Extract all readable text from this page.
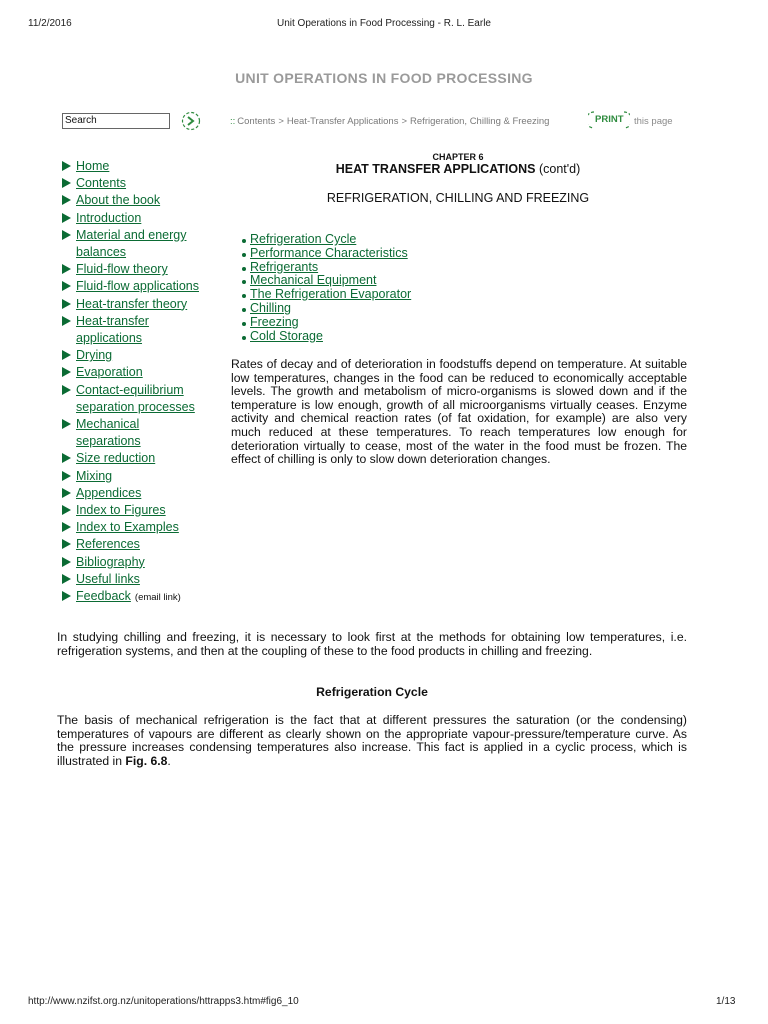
11/2/2016	Unit Operations in Food Processing - R. L. Earle
UNIT OPERATIONS IN FOOD PROCESSING
Search
:: Contents > Heat-Transfer Applications > Refrigeration, Chilling & Freezing	PRINT this page
Home
Contents
About the book
Introduction
Material and energy balances
Fluid-flow theory
Fluid-flow applications
Heat-transfer theory
Heat-transfer applications
Drying
Evaporation
Contact-equilibrium separation processes
Mechanical separations
Size reduction
Mixing
Appendices
Index to Figures
Index to Examples
References
Bibliography
Useful links
Feedback (email link)
CHAPTER 6
HEAT TRANSFER APPLICATIONS (cont'd)
REFRIGERATION, CHILLING AND FREEZING
Refrigeration Cycle
Performance Characteristics
Refrigerants
Mechanical Equipment
The Refrigeration Evaporator
Chilling
Freezing
Cold Storage
Rates of decay and of deterioration in foodstuffs depend on temperature. At suitable low temperatures, changes in the food can be reduced to economically acceptable levels. The growth and metabolism of micro-organisms is slowed down and if the temperature is low enough, growth of all microorganisms virtually ceases. Enzyme activity and chemical reaction rates (of fat oxidation, for example) are also very much reduced at these temperatures. To reach temperatures low enough for deterioration virtually to cease, most of the water in the food must be frozen. The effect of chilling is only to slow down deterioration changes.
In studying chilling and freezing, it is necessary to look first at the methods for obtaining low temperatures, i.e. refrigeration systems, and then at the coupling of these to the food products in chilling and freezing.
Refrigeration Cycle
The basis of mechanical refrigeration is the fact that at different pressures the saturation (or the condensing) temperatures of vapours are different as clearly shown on the appropriate vapour-pressure/temperature curve. As the pressure increases condensing temperatures also increase. This fact is applied in a cyclic process, which is illustrated in Fig. 6.8.
http://www.nzifst.org.nz/unitoperations/httrapps3.htm#fig6_10	1/13
